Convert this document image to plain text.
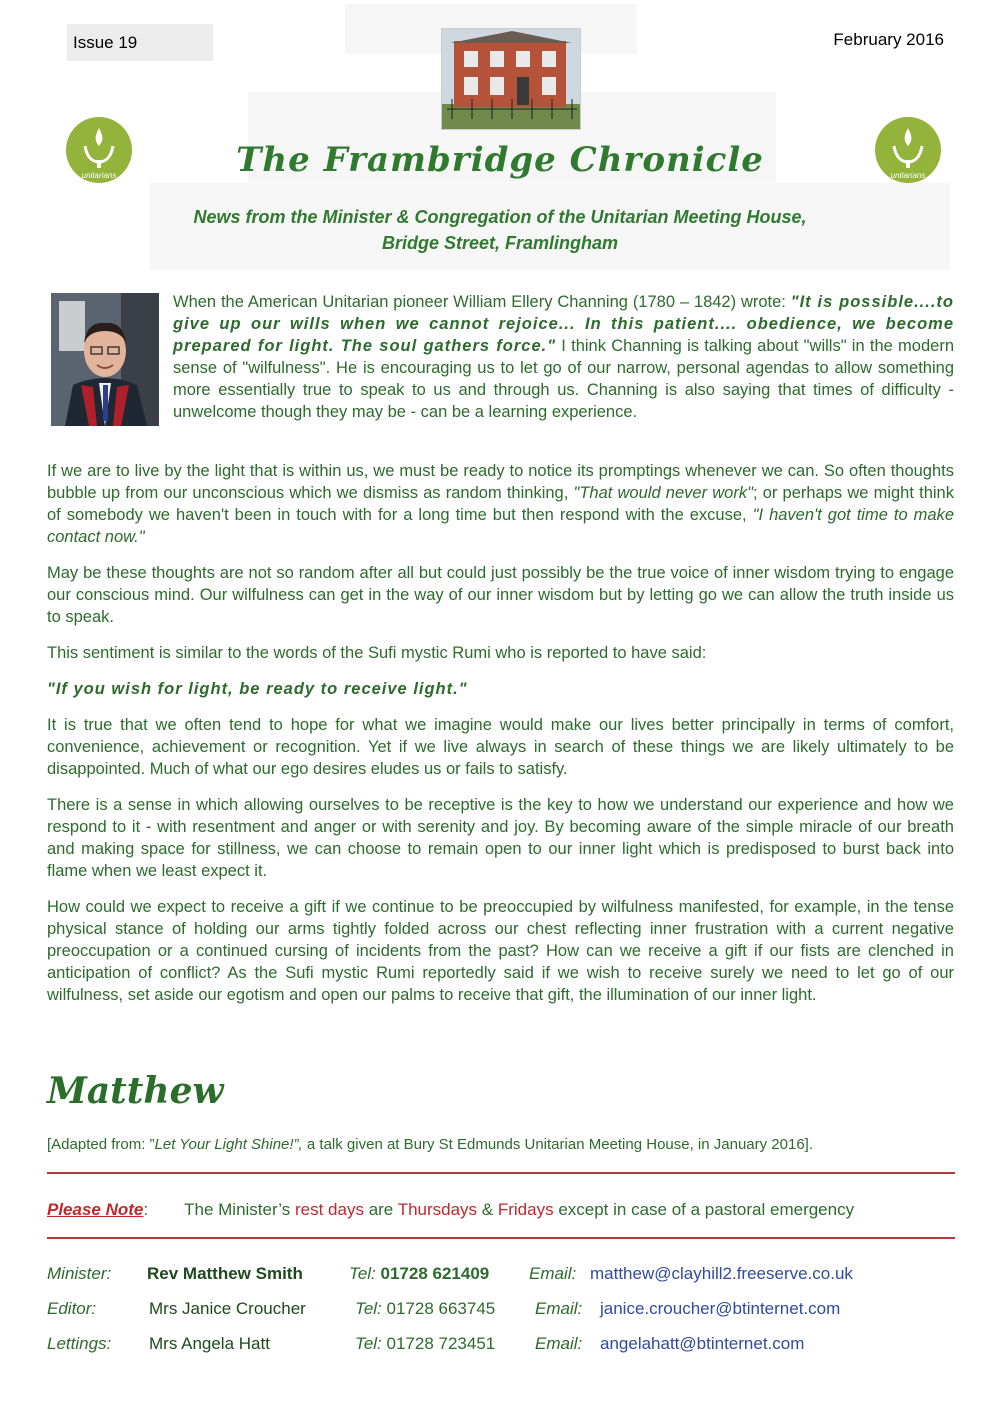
Issue 19	February 2016
unitarians	unitarians
The Frambridge Chronicle
News from the Minister & Congregation of the Unitarian Meeting House,
Bridge Street, Framlingham

When the American Unitarian pioneer William Ellery Channing (1780 – 1842) wrote: "It is possible....to give up our wills when we cannot rejoice... In this patient.... obedience, we become prepared for light. The soul gathers force." I think Channing is talking about "wills" in the modern sense of "wilfulness". He is encouraging us to let go of our narrow, personal agendas to allow something more essentially true to speak to us and through us. Channing is also saying that times of difficulty - unwelcome though they may be - can be a learning experience.

If we are to live by the light that is within us, we must be ready to notice its promptings whenever we can. So often thoughts bubble up from our unconscious which we dismiss as random thinking, "That would never work"; or perhaps we might think of somebody we haven't been in touch with for a long time but then respond with the excuse, "I haven't got time to make contact now."

May be these thoughts are not so random after all but could just possibly be the true voice of inner wisdom trying to engage our conscious mind. Our wilfulness can get in the way of our inner wisdom but by letting go we can allow the truth inside us to speak.

This sentiment is similar to the words of the Sufi mystic Rumi who is reported to have said:

"If you wish for light, be ready to receive light."

It is true that we often tend to hope for what we imagine would make our lives better principally in terms of comfort, convenience, achievement or recognition. Yet if we live always in search of these things we are likely ultimately to be disappointed. Much of what our ego desires eludes us or fails to satisfy.

There is a sense in which allowing ourselves to be receptive is the key to how we understand our experience and how we respond to it - with resentment and anger or with serenity and joy. By becoming aware of the simple miracle of our breath and making space for stillness, we can choose to remain open to our inner light which is predisposed to burst back into flame when we least expect it.

How could we expect to receive a gift if we continue to be preoccupied by wilfulness manifested, for example, in the tense physical stance of holding our arms tightly folded across our chest reflecting inner frustration with a current negative preoccupation or a continued cursing of incidents from the past? How can we receive a gift if our fists are clenched in anticipation of conflict? As the Sufi mystic Rumi reportedly said if we wish to receive surely we need to let go of our wilfulness, set aside our egotism and open our palms to receive that gift, the illumination of our inner light.

Matthew
[Adapted from: ”Let Your Light Shine!”, a talk given at Bury St Edmunds Unitarian Meeting House, in January 2016].
Please Note: The Minister’s rest days are Thursdays & Fridays except in case of a pastoral emergency
Minister: Rev Matthew Smith	Tel: 01728 621409 Email: matthew@clayhill2.freeserve.co.uk
Editor:	Mrs Janice Croucher	Tel: 01728 663745 Email: janice.croucher@btinternet.com
Lettings: Mrs Angela Hatt	Tel: 01728 723451 Email: angelahatt@btinternet.com
